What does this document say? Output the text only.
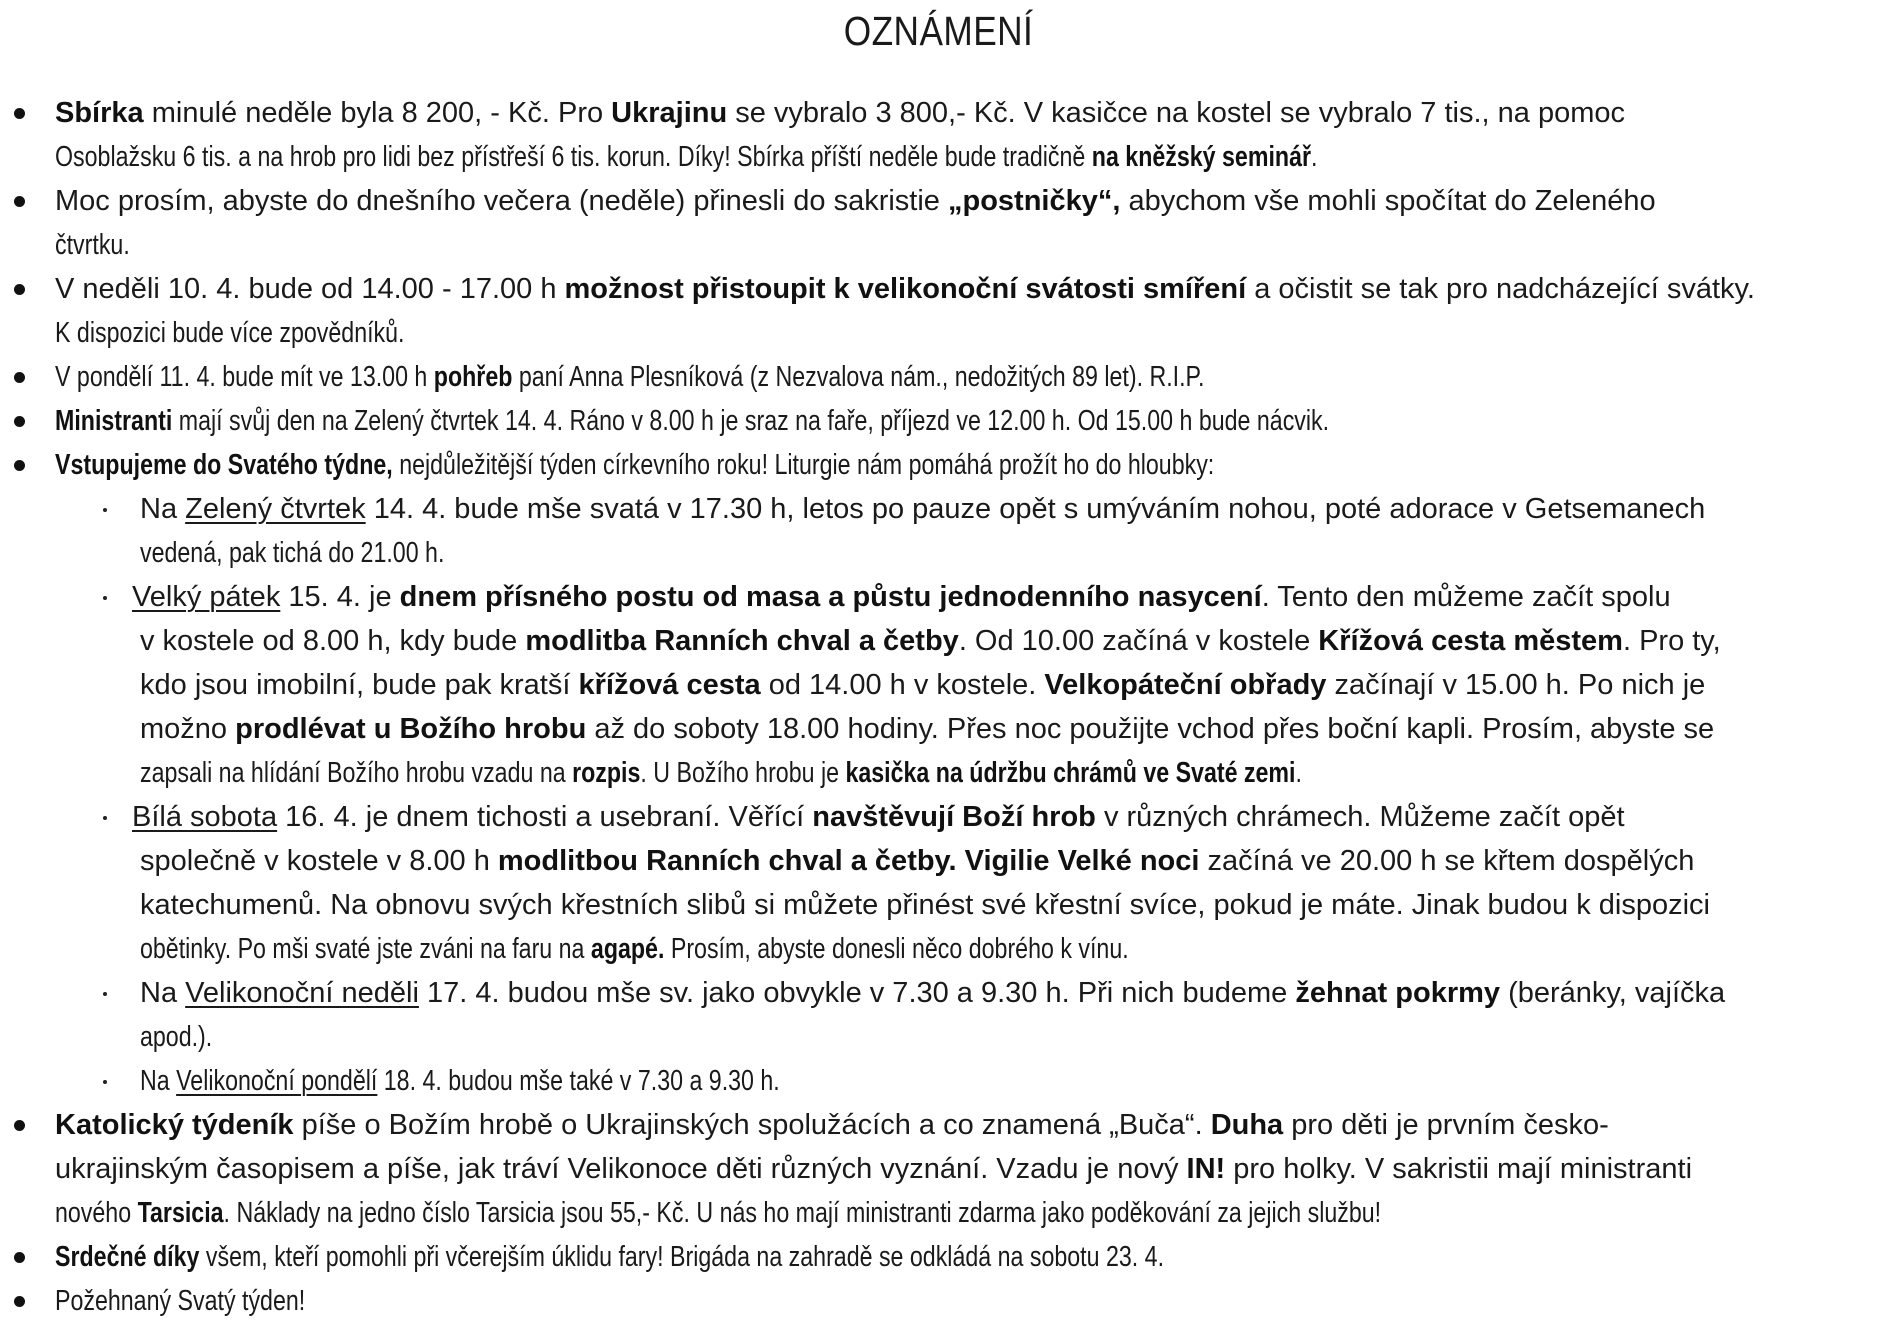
OZNÁMENÍ
Sbírka minulé neděle byla 8 200, - Kč. Pro Ukrajinu se vybralo 3 800,- Kč. V kasičce na kostel se vybralo 7 tis., na pomoc
Osoblažsku 6 tis. a na hrob pro lidi bez přístřeší 6 tis. korun. Díky! Sbírka příští neděle bude tradičně na kněžský seminář.
Moc prosím, abyste do dnešního večera (neděle) přinesli do sakristie „postničky“, abychom vše mohli spočítat do Zeleného
čtvrtku.
V neděli 10. 4. bude od 14.00 - 17.00 h možnost přistoupit k velikonoční svátosti smíření a očistit se tak pro nadcházející svátky.
K dispozici bude více zpovědníků.
V pondělí 11. 4. bude mít ve 13.00 h pohřeb paní Anna Plesníková (z Nezvalova nám., nedožitých 89 let). R.I.P.
Ministranti mají svůj den na Zelený čtvrtek 14. 4. Ráno v 8.00 h je sraz na faře, příjezd ve 12.00 h. Od 15.00 h bude nácvik.
Vstupujeme do Svatého týdne, nejdůležitější týden církevního roku! Liturgie nám pomáhá prožít ho do hloubky:
Na Zelený čtvrtek 14. 4. bude mše svatá v 17.30 h, letos po pauze opět s umýváním nohou, poté adorace v Getsemanech
vedená, pak tichá do 21.00 h.
Velký pátek 15. 4. je dnem přísného postu od masa a půstu jednodenního nasycení. Tento den můžeme začít spolu
v kostele od 8.00 h, kdy bude modlitba Ranních chval a četby. Od 10.00 začíná v kostele Křížová cesta městem. Pro ty,
kdo jsou imobilní, bude pak kratší křížová cesta od 14.00 h v kostele. Velkopáteční obřady začínají v 15.00 h. Po nich je
možno prodlévat u Božího hrobu až do soboty 18.00 hodiny. Přes noc použijte vchod přes boční kapli. Prosím, abyste se
zapsali na hlídání Božího hrobu vzadu na rozpis. U Božího hrobu je kasička na údržbu chrámů ve Svaté zemi.
Bílá sobota 16. 4. je dnem tichosti a usebraní. Věřící navštěvují Boží hrob v různých chrámech. Můžeme začít opět
společně v kostele v 8.00 h modlitbou Ranních chval a četby. Vigilie Velké noci začíná ve 20.00 h se křtem dospělých
katechumenů. Na obnovu svých křestních slibů si můžete přinést své křestní svíce, pokud je máte. Jinak budou k dispozici
obětinky. Po mši svaté jste zváni na faru na agapé. Prosím, abyste donesli něco dobrého k vínu.
Na Velikonoční neděli 17. 4. budou mše sv. jako obvykle v 7.30 a 9.30 h. Při nich budeme žehnat pokrmy (beránky, vajíčka
apod.).
Na Velikonoční pondělí 18. 4. budou mše také v 7.30 a 9.30 h.
Katolický týdeník píše o Božím hrobě o Ukrajinských spolužácích a co znamená „Buča“. Duha pro děti je prvním česko-
ukrajinským časopisem a píše, jak tráví Velikonoce děti různých vyznání. Vzadu je nový IN! pro holky. V sakristii mají ministranti
nového Tarsicia. Náklady na jedno číslo Tarsicia jsou 55,- Kč. U nás ho mají ministranti zdarma jako poděkování za jejich službu!
Srdečné díky všem, kteří pomohli při včerejším úklidu fary! Brigáda na zahradě se odkládá na sobotu 23. 4.
Požehnaný Svatý týden!
